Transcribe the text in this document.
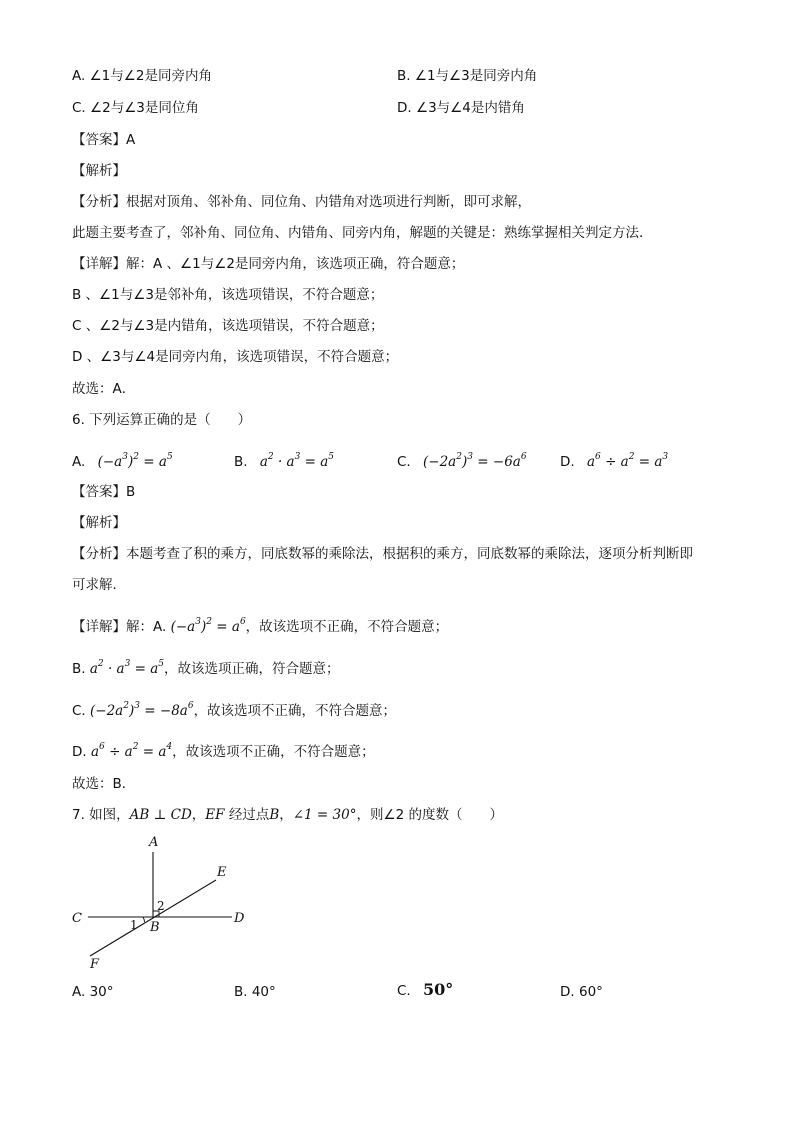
A. ∠1与∠2是同旁内角	B. ∠1与∠3是同旁内角
C. ∠2与∠3是同位角	D. ∠3与∠4是内错角
【答案】A
【解析】
【分析】根据对顶角、邻补角、同位角、内错角对选项进行判断，即可求解，
此题主要考查了，邻补角、同位角、内错角、同旁内角，解题的关键是：熟练掌握相关判定方法．
【详解】解：A 、∠1与∠2是同旁内角，该选项正确，符合题意；
B 、∠1与∠3是邻补角，该选项错误，不符合题意；
C 、∠2与∠3是内错角，该选项错误，不符合题意；
D 、∠3与∠4是同旁内角，该选项错误，不符合题意；
故选：A．
6. 下列运算正确的是（　　）
A. $(-a^3)^2 = a^5$	B. $a^2 \cdot a^3 = a^5$	C. $(-2a^2)^3 = -6a^6$ D. $a^6 \div a^2 = a^3$
【答案】B
【解析】
【分析】本题考查了积的乘方，同底数幂的乘除法，根据积的乘方，同底数幂的乘除法，逐项分析判断即
可求解．
【详解】解：A. $(-a^3)^2 = a^6$，故该选项不正确，不符合题意；
B. $a^2 \cdot a^3 = a^5$，故该选项正确，符合题意；
C. $(-2a^2)^3 = -8a^6$，故该选项不正确，不符合题意；
D. $a^6 \div a^2 = a^4$，故该选项不正确，不符合题意；
故选：B．
7. 如图，AB ⊥ CD，EF 经过点B，∠1 = 30°，则∠2 的度数（　　）
A
E
C	D
B
F
1
2
A. 30°	B. 40°	C. 50°	D. 60°
